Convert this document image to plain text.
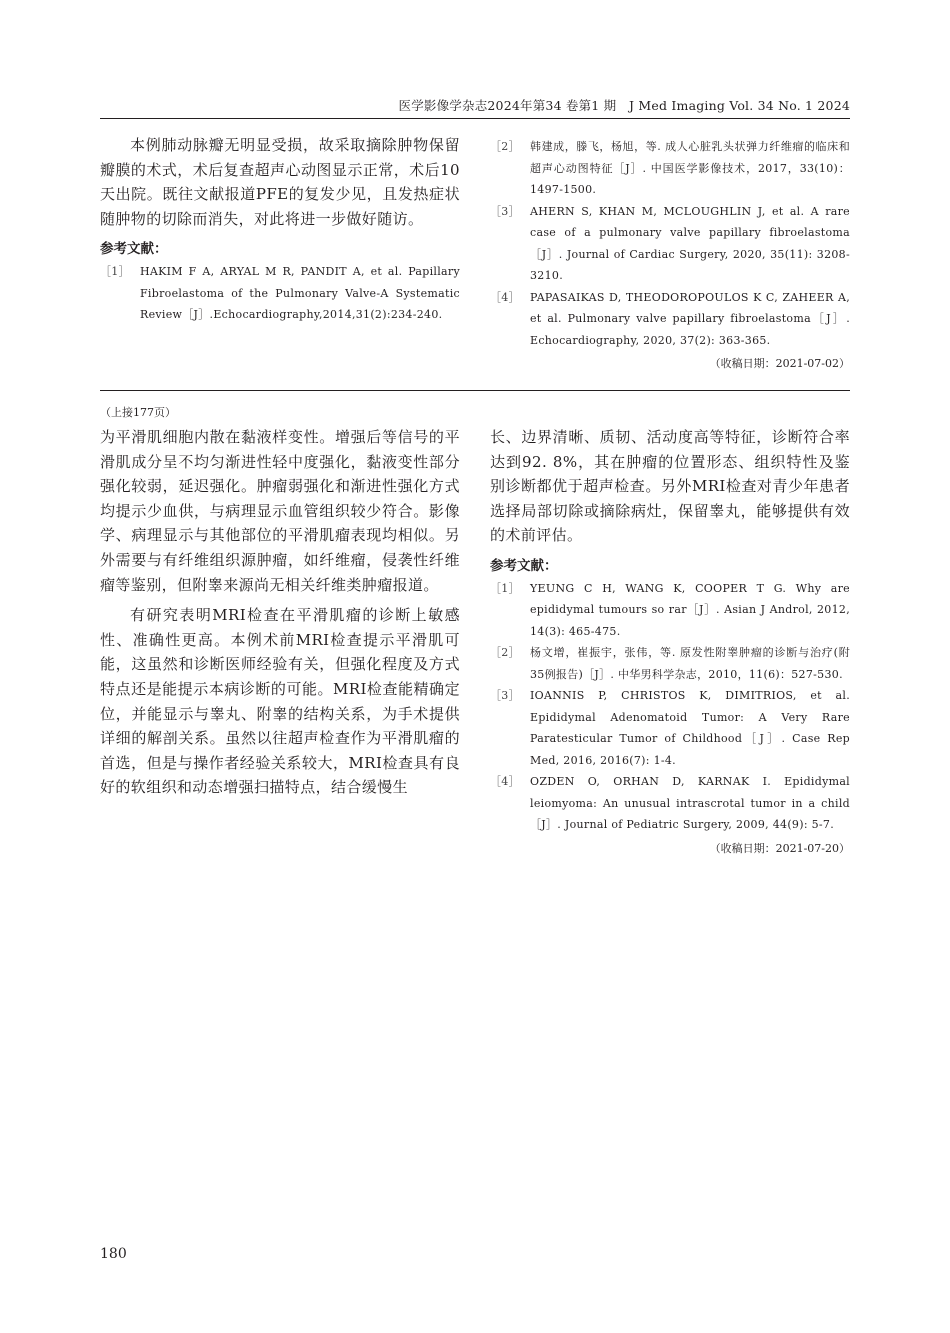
医学影像学杂志2024年第34 卷第1 期　J Med Imaging Vol. 34 No. 1 2024

本例肺动脉瓣无明显受损，故采取摘除肿物保留瓣膜的术式，术后复查超声心动图显示正常，术后10天出院。既往文献报道PFE的复发少见，且发热症状随肿物的切除而消失，对此将进一步做好随访。

参考文献：
［1］ HAKIM F A, ARYAL M R, PANDIT A, et al. Papillary Fibroelastoma of the Pulmonary Valve-A Systematic Review［J］.Echocardiography,2014,31(2):234-240.
［2］ 韩建成，滕飞，杨旭，等. 成人心脏乳头状弹力纤维瘤的临床和超声心动图特征［J］. 中国医学影像技术，2017，33(10)：1497-1500.
［3］ AHERN S, KHAN M, MCLOUGHLIN J, et al. A rare case of a pulmonary valve papillary fibroelastoma［J］. Journal of Cardiac Surgery, 2020, 35(11): 3208-3210.
［4］ PAPASAIKAS D, THEODOROPOULOS K C, ZAHEER A, et al. Pulmonary valve papillary fibroelastoma［J］. Echocardiography, 2020, 37(2): 363-365.
（收稿日期：2021-07-02）
（上接177页）

为平滑肌细胞内散在黏液样变性。增强后等信号的平滑肌成分呈不均匀渐进性轻中度强化，黏液变性部分强化较弱，延迟强化。肿瘤弱强化和渐进性强化方式均提示少血供，与病理显示血管组织较少符合。影像学、病理显示与其他部位的平滑肌瘤表现均相似。另外需要与有纤维组织源肿瘤，如纤维瘤，侵袭性纤维瘤等鉴别，但附睾来源尚无相关纤维类肿瘤报道。

有研究表明MRI检查在平滑肌瘤的诊断上敏感性、准确性更高。本例术前MRI检查提示平滑肌可能，这虽然和诊断医师经验有关，但强化程度及方式特点还是能提示本病诊断的可能。MRI检查能精确定位，并能显示与睾丸、附睾的结构关系，为手术提供详细的解剖关系。虽然以往超声检查作为平滑肌瘤的首选，但是与操作者经验关系较大，MRI检查具有良好的软组织和动态增强扫描特点，结合缓慢生

长、边界清晰、质韧、活动度高等特征，诊断符合率达到92. 8%，其在肿瘤的位置形态、组织特性及鉴别诊断都优于超声检查。另外MRI检查对青少年患者选择局部切除或摘除病灶，保留睾丸，能够提供有效的术前评估。

参考文献：
［1］ YEUNG C H, WANG K, COOPER T G. Why are epididymal tumours so rar［J］. Asian J Androl, 2012, 14(3): 465-475.
［2］ 杨文增，崔振宇，张伟，等. 原发性附睾肿瘤的诊断与治疗(附35例报告)［J］. 中华男科学杂志，2010，11(6)：527-530.
［3］ IOANNIS P, CHRISTOS K, DIMITRIOS, et al. Epididymal Adenomatoid Tumor: A Very Rare Paratesticular Tumor of Childhood［J］. Case Rep Med, 2016, 2016(7): 1-4.
［4］ OZDEN O, ORHAN D, KARNAK I. Epididymal leiomyoma: An unusual intrascrotal tumor in a child［J］. Journal of Pediatric Surgery, 2009, 44(9): 5-7.
（收稿日期：2021-07-20）
180
